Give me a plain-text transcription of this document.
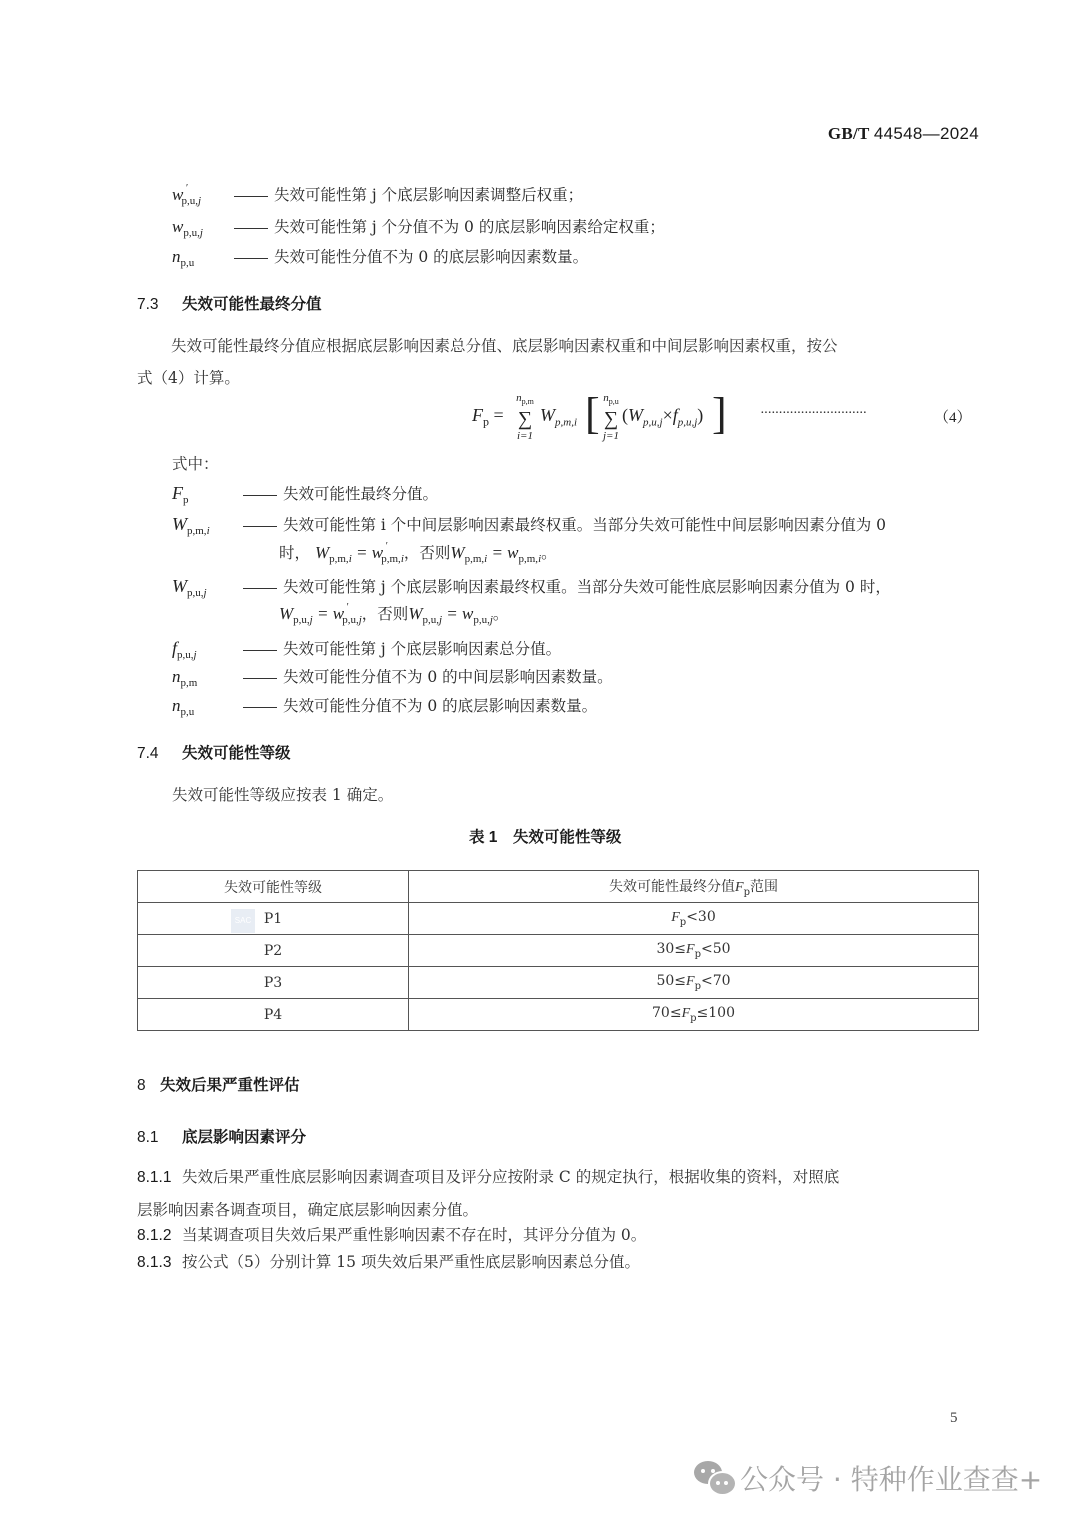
GB/T 44548—2024
w ′$_{p,u,j}$	失效可能性第 j 个底层影响因素调整后权重；
$w_{p,u,j}$	失效可能性第 j 个分值不为 0 的底层影响因素给定权重；
$n_{p,u}$	失效可能性分值不为 0 的底层影响因素数量。
7.3 失效可能性最终分值
失效可能性最终分值应根据底层影响因素总分值、底层影响因素权重和中间层影响因素权重，按公
式（4）计算。
$F_p$ =
$n_{p,m}$
∑
i=1
$W_{p,m,i}$ [ $n_{p,u}$
∑
j=1
$(W_{p,u,j}\times f_{p,u,j})$ ] ·····························	（4）
式中：
$F_p$	失效可能性最终分值。
$W_{p,m,i}$	失效可能性第 i 个中间层影响因素最终权重。当部分失效可能性中间层影响因素分值为 0
时， $W_{p,m,i} = w$ ′$_{p,m,i}$，否则$W_{p,m,i} = w_{p,m,i}$。
$W_{p,u,j}$	失效可能性第 j 个底层影响因素最终权重。当部分失效可能性底层影响因素分值为 0 时，
$W_{p,u,j} = w$ ′$_{p,u,j}$，否则$W_{p,u,j} = w_{p,u,j}$。
$f_{p,u,j}$	失效可能性第 j 个底层影响因素总分值。
$n_{p,m}$	失效可能性分值不为 0 的中间层影响因素数量。
$n_{p,u}$	失效可能性分值不为 0 的底层影响因素数量。
7.4 失效可能性等级
失效可能性等级应按表 1 确定。
表 1　失效可能性等级
失效可能性等级	失效可能性最终分值$F_p$范围

SAC P1	$F_p<30$
P2	$30\le F_p<50$
P3	$50\le F_p<70$
P4	$70\le F_p\le 100$
8 失效后果严重性评估
8.1 底层影响因素评分
8.1.1 失效后果严重性底层影响因素调查项目及评分应按附录 C 的规定执行，根据收集的资料，对照底
层影响因素各调查项目，确定底层影响因素分值。
8.1.2 当某调查项目失效后果严重性影响因素不存在时，其评分分值为 0。
8.1.3 按公式（5）分别计算 15 项失效后果严重性底层影响因素总分值。
5
公众号 · 特种作业查查+
